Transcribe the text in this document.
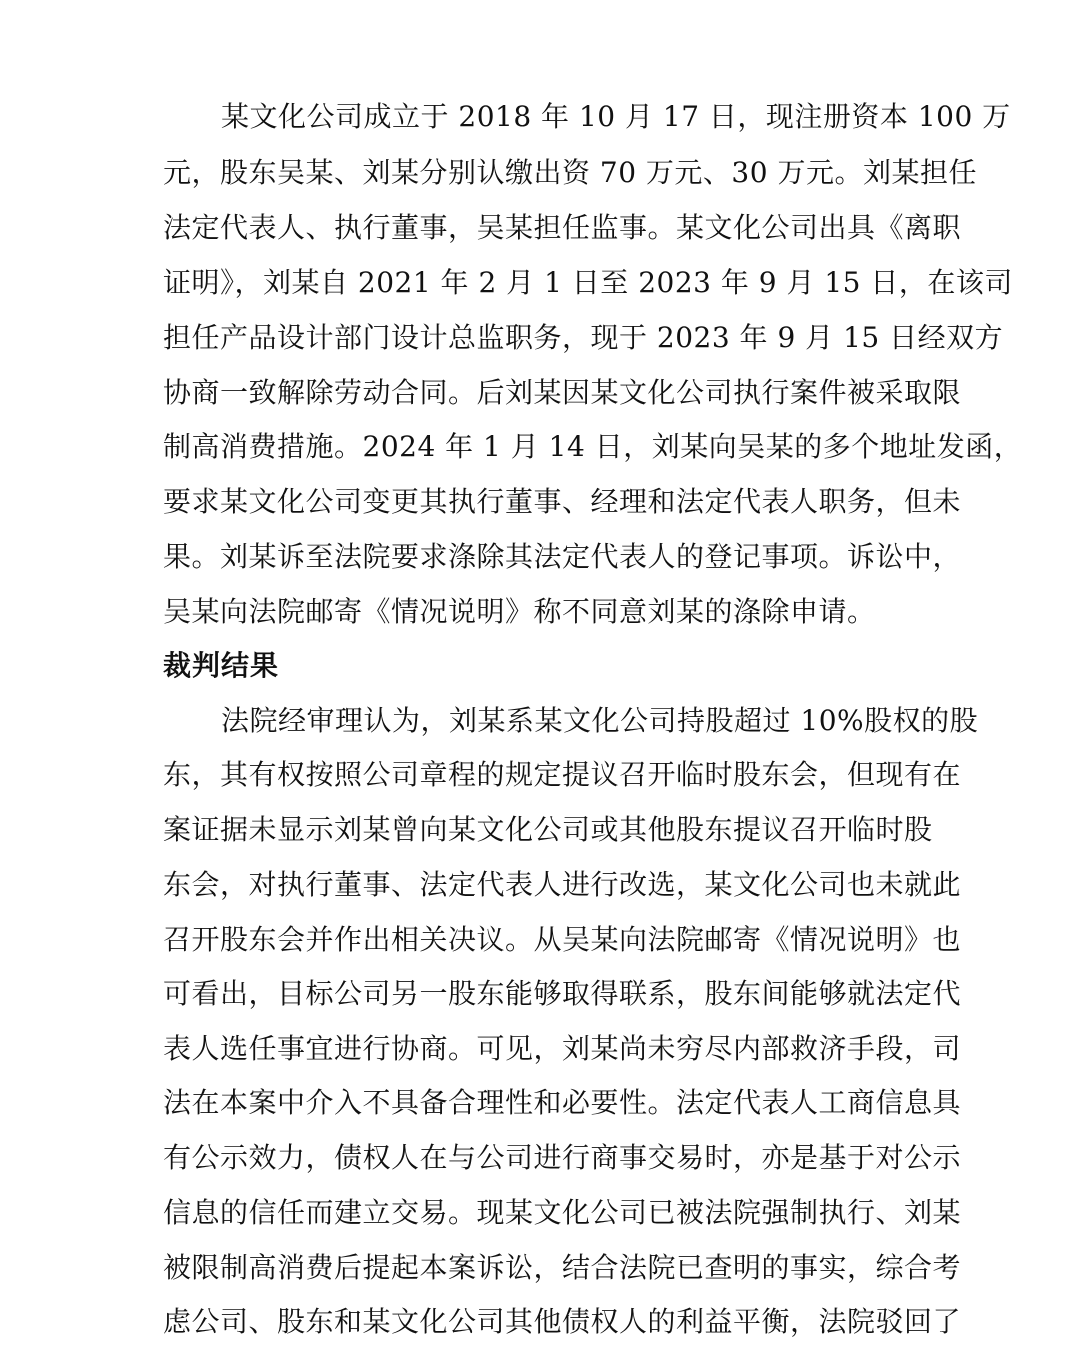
某文化公司成立于 2018 年 10 月 17 日，现注册资本 100 万
元，股东吴某、刘某分别认缴出资 70 万元、30 万元。刘某担任
法定代表人、执行董事，吴某担任监事。某文化公司出具《离职
证明》，刘某自 2021 年 2 月 1 日至 2023 年 9 月 15 日，在该司
担任产品设计部门设计总监职务，现于 2023 年 9 月 15 日经双方
协商一致解除劳动合同。后刘某因某文化公司执行案件被采取限
制高消费措施。2024 年 1 月 14 日，刘某向吴某的多个地址发函，
要求某文化公司变更其执行董事、经理和法定代表人职务，但未
果。刘某诉至法院要求涤除其法定代表人的登记事项。诉讼中，
吴某向法院邮寄《情况说明》称不同意刘某的涤除申请。
裁判结果
法院经审理认为，刘某系某文化公司持股超过 10%股权的股
东，其有权按照公司章程的规定提议召开临时股东会，但现有在
案证据未显示刘某曾向某文化公司或其他股东提议召开临时股
东会，对执行董事、法定代表人进行改选，某文化公司也未就此
召开股东会并作出相关决议。从吴某向法院邮寄《情况说明》也
可看出，目标公司另一股东能够取得联系，股东间能够就法定代
表人选任事宜进行协商。可见，刘某尚未穷尽内部救济手段，司
法在本案中介入不具备合理性和必要性。法定代表人工商信息具
有公示效力，债权人在与公司进行商事交易时，亦是基于对公示
信息的信任而建立交易。现某文化公司已被法院强制执行、刘某
被限制高消费后提起本案诉讼，结合法院已查明的事实，综合考
虑公司、股东和某文化公司其他债权人的利益平衡，法院驳回了
